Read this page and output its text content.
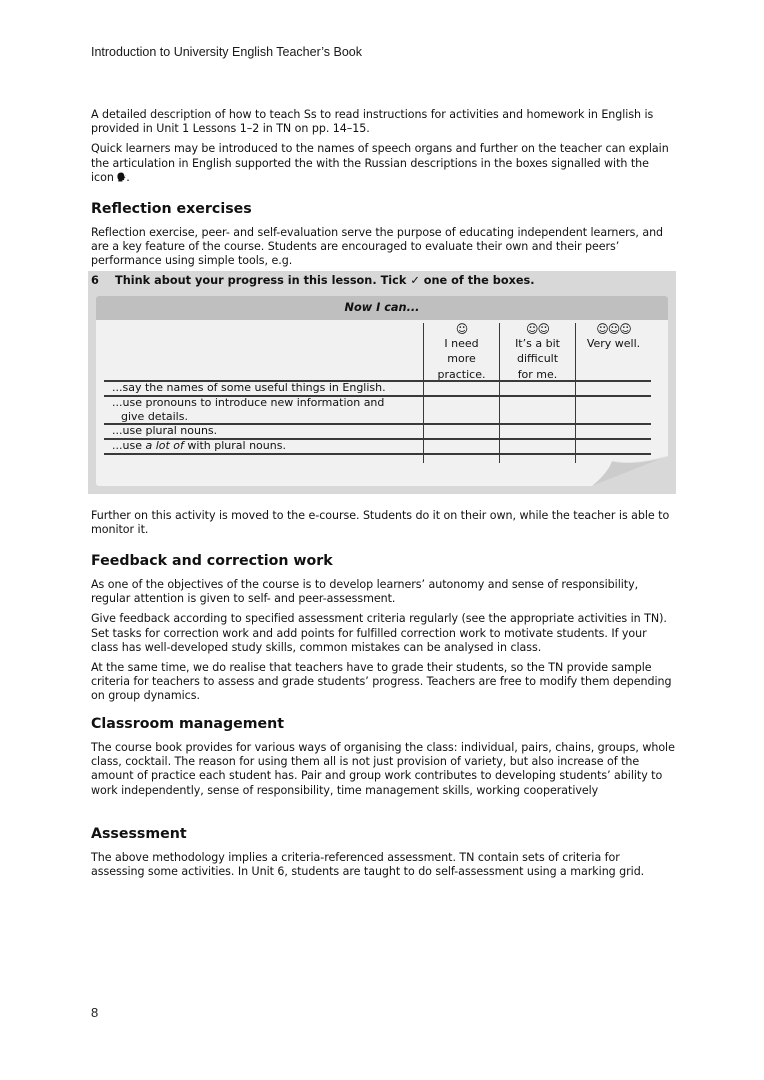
Introduction to University English Teacher’s Book

A detailed description of how to teach Ss to read instructions for activities and homework in English is provided in Unit 1 Lessons 1–2 in TN on pp. 14–15.

Quick learners may be introduced to the names of speech organs and further on the teacher can explain the articulation in English supported the with the Russian descriptions in the boxes signalled with the icon .

Reflection exercises

Reflection exercise, peer- and self-evaluation serve the purpose of educating independent learners, and are a key feature of the course. Students are encouraged to evaluate their own and their peers’ performance using simple tools, e.g.

6 Think about your progress in this lesson. Tick ✓ one of the boxes.
Now I can...
☺
I need more practice.
☺☺
It’s a bit difficult for me.
☺☺☺
Very well.
...say the names of some useful things in English.
...use pronouns to introduce new information and
give details.
...use plural nouns.
...use a lot of with plural nouns.

Further on this activity is moved to the e-course. Students do it on their own, while the teacher is able to monitor it.

Feedback and correction work

As one of the objectives of the course is to develop learners’ autonomy and sense of responsibility, regular attention is given to self- and peer-assessment.

Give feedback according to specified assessment criteria regularly (see the appropriate activities in TN). Set tasks for correction work and add points for fulfilled correction work to motivate students. If your class has well-developed study skills, common mistakes can be analysed in class.

At the same time, we do realise that teachers have to grade their students, so the TN provide sample criteria for teachers to assess and grade students’ progress. Teachers are free to modify them depending on group dynamics.

Classroom management

The course book provides for various ways of organising the class: individual, pairs, chains, groups, whole class, cocktail. The reason for using them all is not just provision of variety, but also increase of the amount of practice each student has. Pair and group work contributes to developing students’ ability to work independently, sense of responsibility, time management skills, working cooperatively

Assessment

The above methodology implies a criteria-referenced assessment. TN contain sets of criteria for assessing some activities. In Unit 6, students are taught to do self-assessment using a marking grid.

8
